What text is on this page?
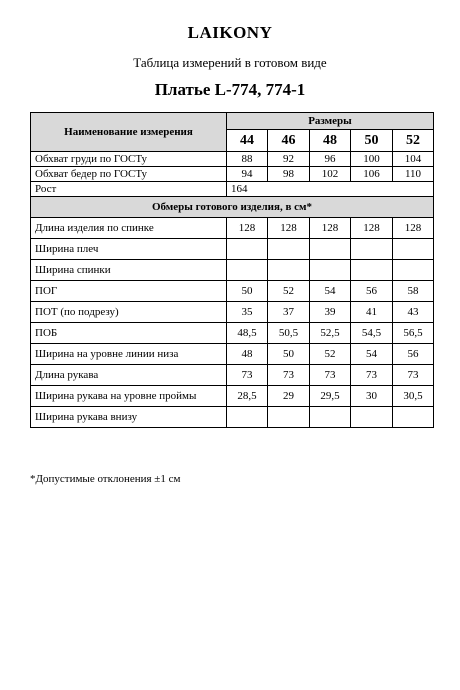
LAIKONY
Таблица измерений в готовом виде
Платье L-774, 774-1
Наименование измерения	Размеры				
	44	46	48	50	52
Обхват груди по ГОСТу	88	92	96	100	104
Обхват бедер по ГОСТу	94	98	102	106	110
Рост	164				
Обмеры готового изделия, в см*					
Длина изделия по спинке	128	128	128	128	128
Ширина плеч					
Ширина спинки					
ПОГ	50	52	54	56	58
ПОТ (по подрезу)	35	37	39	41	43
ПОБ	48,5	50,5	52,5	54,5	56,5
Ширина на уровне линии низа	48	50	52	54	56
Длина рукава	73	73	73	73	73
Ширина рукава на уровне проймы	28,5	29	29,5	30	30,5
Ширина рукава внизу					
*Допустимые отклонения ±1 см
